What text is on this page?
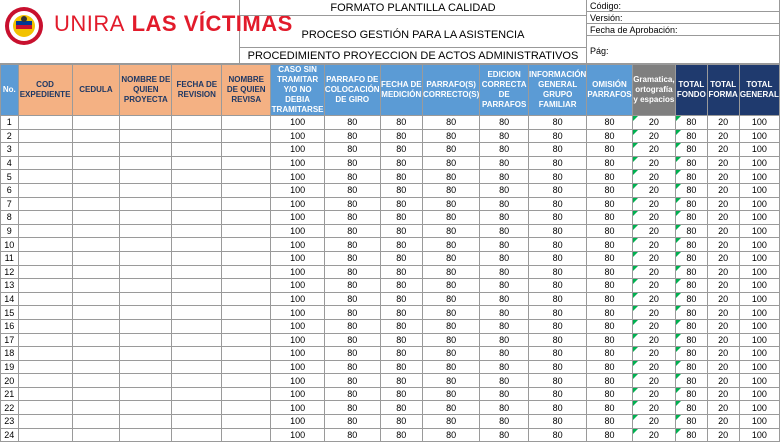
UNIRA LAS VÍCTIMAS
FORMATO PLANTILLA CALIDAD
PROCESO GESTIÓN PARA LA ASISTENCIA
PROCEDIMIENTO PROYECCION DE ACTOS ADMINISTRATIVOS
Código:
Versión:
Fecha de Aprobación:
Pág:
No.	COD EXPEDIENTE	CEDULA	NOMBRE DE QUIEN PROYECTA	FECHA DE REVISION	NOMBRE DE QUIEN REVISA	CASO SIN TRAMITAR Y/O NO DEBIA TRAMITARSE	PARRAFO DE COLOCACIÓN DE GIRO	FECHA DE MEDICIÓN	PARRAFO(S) CORRECTO(S)	EDICION CORRECTA DE PARRAFOS	INFORMACIÓN GENERAL GRUPO FAMILIAR	OMISIÓN PARRAFOS	Gramatica, ortografía y espacios	TOTAL FONDO	TOTAL FORMA	TOTAL GENERAL
1						100	80	80	80	80	80	80	20	80	20	100
2						100	80	80	80	80	80	80	20	80	20	100
3						100	80	80	80	80	80	80	20	80	20	100
4						100	80	80	80	80	80	80	20	80	20	100
5						100	80	80	80	80	80	80	20	80	20	100
6						100	80	80	80	80	80	80	20	80	20	100
7						100	80	80	80	80	80	80	20	80	20	100
8						100	80	80	80	80	80	80	20	80	20	100
9						100	80	80	80	80	80	80	20	80	20	100
10						100	80	80	80	80	80	80	20	80	20	100
11						100	80	80	80	80	80	80	20	80	20	100
12						100	80	80	80	80	80	80	20	80	20	100
13						100	80	80	80	80	80	80	20	80	20	100
14						100	80	80	80	80	80	80	20	80	20	100
15						100	80	80	80	80	80	80	20	80	20	100
16						100	80	80	80	80	80	80	20	80	20	100
17						100	80	80	80	80	80	80	20	80	20	100
18						100	80	80	80	80	80	80	20	80	20	100
19						100	80	80	80	80	80	80	20	80	20	100
20						100	80	80	80	80	80	80	20	80	20	100
21						100	80	80	80	80	80	80	20	80	20	100
22						100	80	80	80	80	80	80	20	80	20	100
23						100	80	80	80	80	80	80	20	80	20	100
24						100	80	80	80	80	80	80	20	80	20	100
